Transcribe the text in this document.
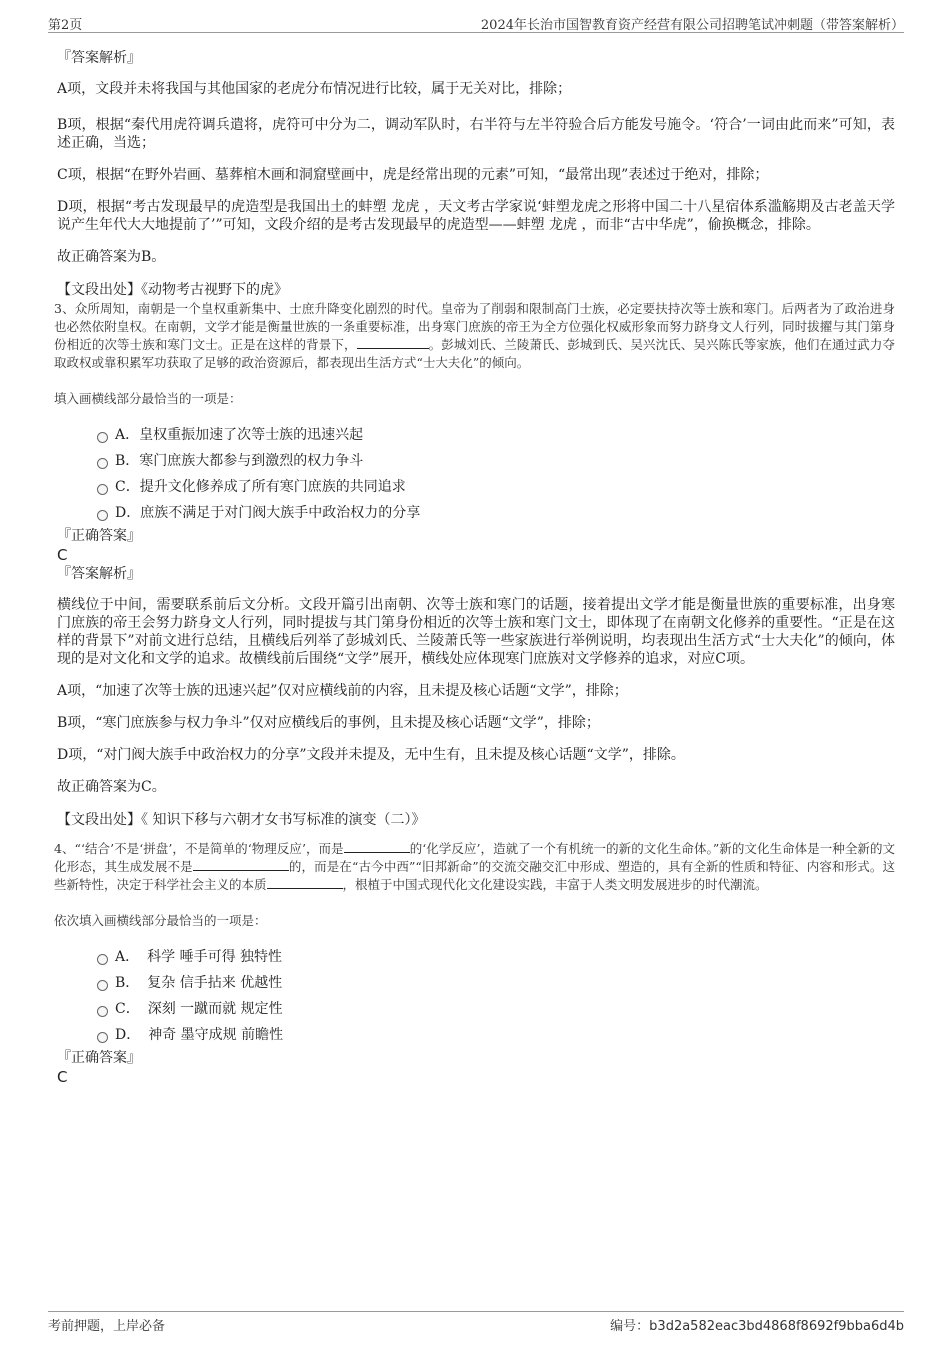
第2页	2024年长治市国智教育资产经营有限公司招聘笔试冲刺题（带答案解析）

『答案解析』

A项，文段并未将我国与其他国家的老虎分布情况进行比较，属于无关对比，排除；

B项，根据“秦代用虎符调兵遣将，虎符可中分为二，调动军队时，右半符与左半符验合后方能发号施令。‘符合’一词由此而来”可知，表述正确，当选；

C项，根据“在野外岩画、墓葬棺木画和洞窟壁画中，虎是经常出现的元素”可知，“最常出现”表述过于绝对，排除；

D项，根据“考古发现最早的虎造型是我国出土的蚌塑 龙虎 ，天文考古学家说‘蚌塑龙虎之形将中国二十八星宿体系滥觞期及古老盖天学说产生年代大大地提前了’”可知，文段介绍的是考古发现最早的虎造型——蚌塑 龙虎 ，而非“古中华虎”，偷换概念，排除。

故正确答案为B。

【文段出处】《动物考古视野下的虎》

3、众所周知，南朝是一个皇权重新集中、士庶升降变化剧烈的时代。皇帝为了削弱和限制高门士族，必定要扶持次等士族和寒门。后两者为了政治进身也必然依附皇权。在南朝，文学才能是衡量世族的一条重要标准，出身寒门庶族的帝王为全方位强化权威形象而努力跻身文人行列，同时拔擢与其门第身份相近的次等士族和寒门文士。正是在这样的背景下，	。彭城刘氏、兰陵萧氏、彭城到氏、吴兴沈氏、吴兴陈氏等家族，他们在通过武力夺取政权或靠积累军功获取了足够的政治资源后，都表现出生活方式“士大夫化”的倾向。

填入画横线部分最恰当的一项是：

A．皇权重振加速了次等士族的迅速兴起
B．寒门庶族大都参与到激烈的权力争斗
C．提升文化修养成了所有寒门庶族的共同追求
D．庶族不满足于对门阀大族手中政治权力的分享

『正确答案』

C

『答案解析』

横线位于中间，需要联系前后文分析。文段开篇引出南朝、次等士族和寒门的话题，接着提出文学才能是衡量世族的重要标准，出身寒门庶族的帝王会努力跻身文人行列，同时提拔与其门第身份相近的次等士族和寒门文士，即体现了在南朝文化修养的重要性。“正是在这样的背景下”对前文进行总结，且横线后列举了彭城刘氏、兰陵萧氏等一些家族进行举例说明，均表现出生活方式“士大夫化”的倾向，体现的是对文化和文学的追求。故横线前后围绕“文学”展开，横线处应体现寒门庶族对文学修养的追求，对应C项。

A项，“加速了次等士族的迅速兴起”仅对应横线前的内容，且未提及核心话题“文学”，排除；

B项，“寒门庶族参与权力争斗”仅对应横线后的事例，且未提及核心话题“文学”，排除；

D项，“对门阀大族手中政治权力的分享”文段并未提及，无中生有，且未提及核心话题“文学”，排除。

故正确答案为C。

【文段出处】《 知识下移与六朝才女书写标准的演变（二）》

4、“‘结合’不是‘拼盘’，不是简单的‘物理反应’，而是	的‘化学反应’，造就了一个有机统一的新的文化生命体。”新的文化生命体是一种全新的文化形态，其生成发展不是	的，而是在“古今中西”“旧邦新命”的交流交融交汇中形成、塑造的，具有全新的性质和特征、内容和形式。这些新特性，决定于科学社会主义的本质	，根植于中国式现代化文化建设实践，丰富于人类文明发展进步的时代潮流。

依次填入画横线部分最恰当的一项是：

A． 科学 唾手可得 独特性
B． 复杂 信手拈来 优越性
C． 深刻 一蹴而就 规定性
D． 神奇 墨守成规 前瞻性

『正确答案』

C

考前押题，上岸必备	编号：b3d2a582eac3bd4868f8692f9bba6d4b
